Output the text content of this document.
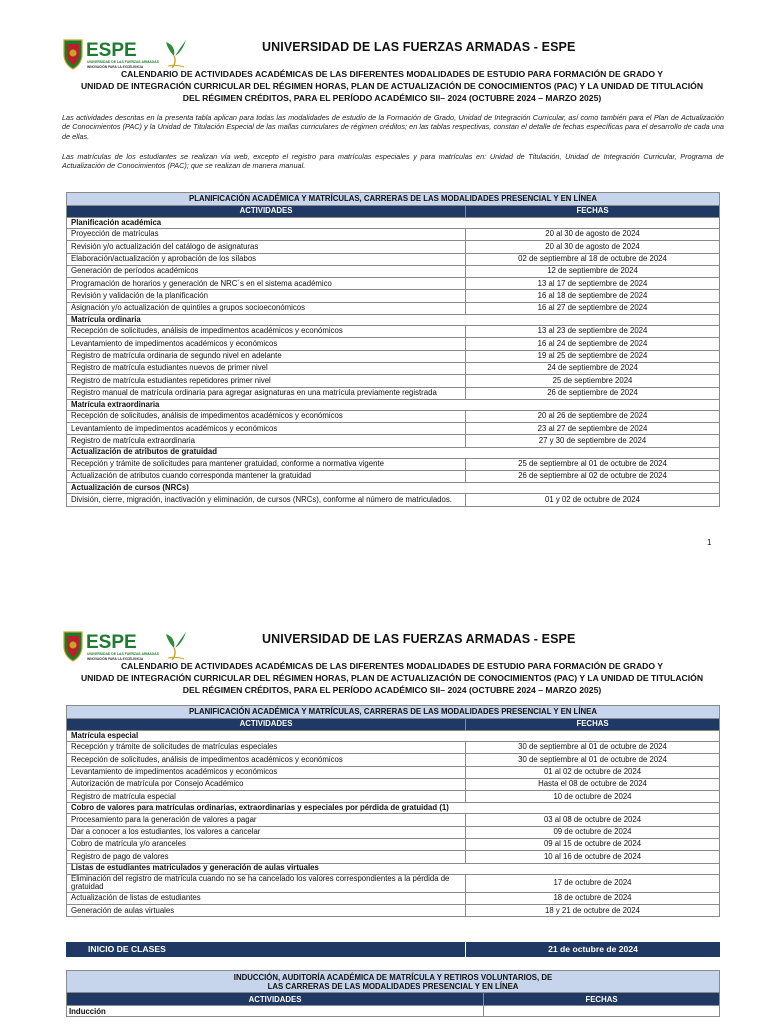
ESPE
UNIVERSIDAD DE LAS FUERZAS ARMADAS
INNOVACIÓN PARA LA EXCELENCIA
UNIVERSIDAD DE LAS FUERZAS ARMADAS - ESPE
CALENDARIO DE ACTIVIDADES ACADÉMICAS DE LAS DIFERENTES MODALIDADES DE ESTUDIO PARA FORMACIÓN DE GRADO Y
UNIDAD DE INTEGRACIÓN CURRICULAR DEL RÉGIMEN HORAS, PLAN DE ACTUALIZACIÓN DE CONOCIMIENTOS (PAC) Y LA UNIDAD DE TITULACIÓN
DEL RÉGIMEN CRÉDITOS, PARA EL PERÍODO ACADÉMICO SII– 2024 (OCTUBRE 2024 – MARZO 2025)
Las actividades descritas en la presenta tabla aplican para todas las modalidades de estudio de la Formación de Grado, Unidad de Integración Curricular, así como también para el Plan de Actualización de Conocimientos (PAC) y la Unidad de Titulación Especial de las mallas curriculares de régimen créditos; en las tablas respectivas, constan el detalle de fechas específicas para el desarrollo de cada una de ellas.
Las matrículas de los estudiantes se realizan vía web, excepto el registro para matrículas especiales y para matrículas en: Unidad de Titulación, Unidad de Integración Curricular, Programa de Actualización de Conocimientos (PAC); que se realizan de manera manual.
PLANIFICACIÓN ACADÉMICA Y MATRÍCULAS, CARRERAS DE LAS MODALIDADES PRESENCIAL Y EN LÍNEA	
ACTIVIDADES	FECHAS
Planificación académica	
Proyección de matrículas	20 al 30 de agosto de 2024
Revisión y/o actualización del catálogo de asignaturas	20 al 30 de agosto de 2024
Elaboración/actualización y aprobación de los sílabos	02 de septiembre al 18 de octubre de 2024
Generación de períodos académicos	12 de septiembre de 2024
Programación de horarios y generación de NRC´s en el sistema académico	13 al 17 de septiembre de 2024
Revisión y validación de la planificación	16 al 18 de septiembre de 2024
Asignación y/o actualización de quintiles a grupos socioeconómicos	16 al 27 de septiembre de 2024
Matrícula ordinaria	
Recepción de solicitudes, análisis de impedimentos académicos y económicos	13 al 23 de septiembre de 2024
Levantamiento de impedimentos académicos y económicos	16 al 24 de septiembre de 2024
Registro de matrícula ordinaria de segundo nivel en adelante	19 al 25 de septiembre de 2024
Registro de matrícula estudiantes nuevos de primer nivel	24 de septiembre de 2024
Registro de matrícula estudiantes repetidores primer nivel	25 de septiembre 2024
Registro manual de matrícula ordinaria para agregar asignaturas en una matrícula previamente registrada	26 de septiembre de 2024
Matrícula extraordinaria	
Recepción de solicitudes, análisis de impedimentos académicos y económicos	20 al 26 de septiembre de 2024
Levantamiento de impedimentos académicos y económicos	23 al 27 de septiembre de 2024
Registro de matrícula extraordinaria	27 y 30 de septiembre de 2024
Actualización de atributos de gratuidad	
Recepción y trámite de solicitudes para mantener gratuidad, conforme a normativa vigente	25 de septiembre al 01 de octubre de 2024
Actualización de atributos cuando corresponda mantener la gratuidad	26 de septiembre al 02 de octubre de 2024
Actualización de cursos (NRCs)	
División, cierre, migración, inactivación y eliminación, de cursos (NRCs), conforme al número de matriculados.	01 y 02 de octubre de 2024
1
ESPE
UNIVERSIDAD DE LAS FUERZAS ARMADAS
INNOVACIÓN PARA LA EXCELENCIA
UNIVERSIDAD DE LAS FUERZAS ARMADAS - ESPE
CALENDARIO DE ACTIVIDADES ACADÉMICAS DE LAS DIFERENTES MODALIDADES DE ESTUDIO PARA FORMACIÓN DE GRADO Y
UNIDAD DE INTEGRACIÓN CURRICULAR DEL RÉGIMEN HORAS, PLAN DE ACTUALIZACIÓN DE CONOCIMIENTOS (PAC) Y LA UNIDAD DE TITULACIÓN
DEL RÉGIMEN CRÉDITOS, PARA EL PERÍODO ACADÉMICO SII– 2024 (OCTUBRE 2024 – MARZO 2025)
PLANIFICACIÓN ACADÉMICA Y MATRÍCULAS, CARRERAS DE LAS MODALIDADES PRESENCIAL Y EN LÍNEA	
ACTIVIDADES	FECHAS
Matrícula especial	
Recepción y trámite de solicitudes de matrículas especiales	30 de septiembre al 01 de octubre de 2024
Recepción de solicitudes, análisis de impedimentos académicos y económicos	30 de septiembre al 01 de octubre de 2024
Levantamiento de impedimentos académicos y económicos	01 al 02 de octubre de 2024
Autorización de matrícula por Consejo Académico	Hasta el 08 de octubre de 2024
Registro de matrícula especial	10 de octubre de 2024
Cobro de valores para matrículas ordinarias, extraordinarias y especiales por pérdida de gratuidad (1)	
Procesamiento para la generación de valores a pagar	03 al 08 de octubre de 2024
Dar a conocer a los estudiantes, los valores a cancelar	09 de octubre de 2024
Cobro de matrícula y/o aranceles	09 al 15 de octubre de 2024
Registro de pago de valores	10 al 16 de octubre de 2024
Listas de estudiantes matriculados y generación de aulas virtuales	
Eliminación del registro de matrícula cuando no se ha cancelado los valores correspondientes a la pérdida de gratuidad	17 de octubre de 2024
Actualización de listas de estudiantes	18 de octubre de 2024
Generación de aulas virtuales	18 y 21 de octubre de 2024
INICIO DE CLASES	21 de octubre de 2024
INDUCCIÓN, AUDITORÍA ACADÉMICA DE MATRÍCULA Y RETIROS VOLUNTARIOS, DE
LAS CARRERAS DE LAS MODALIDADES PRESENCIAL Y EN LÍNEA	

ACTIVIDADES	FECHAS
Inducción	
